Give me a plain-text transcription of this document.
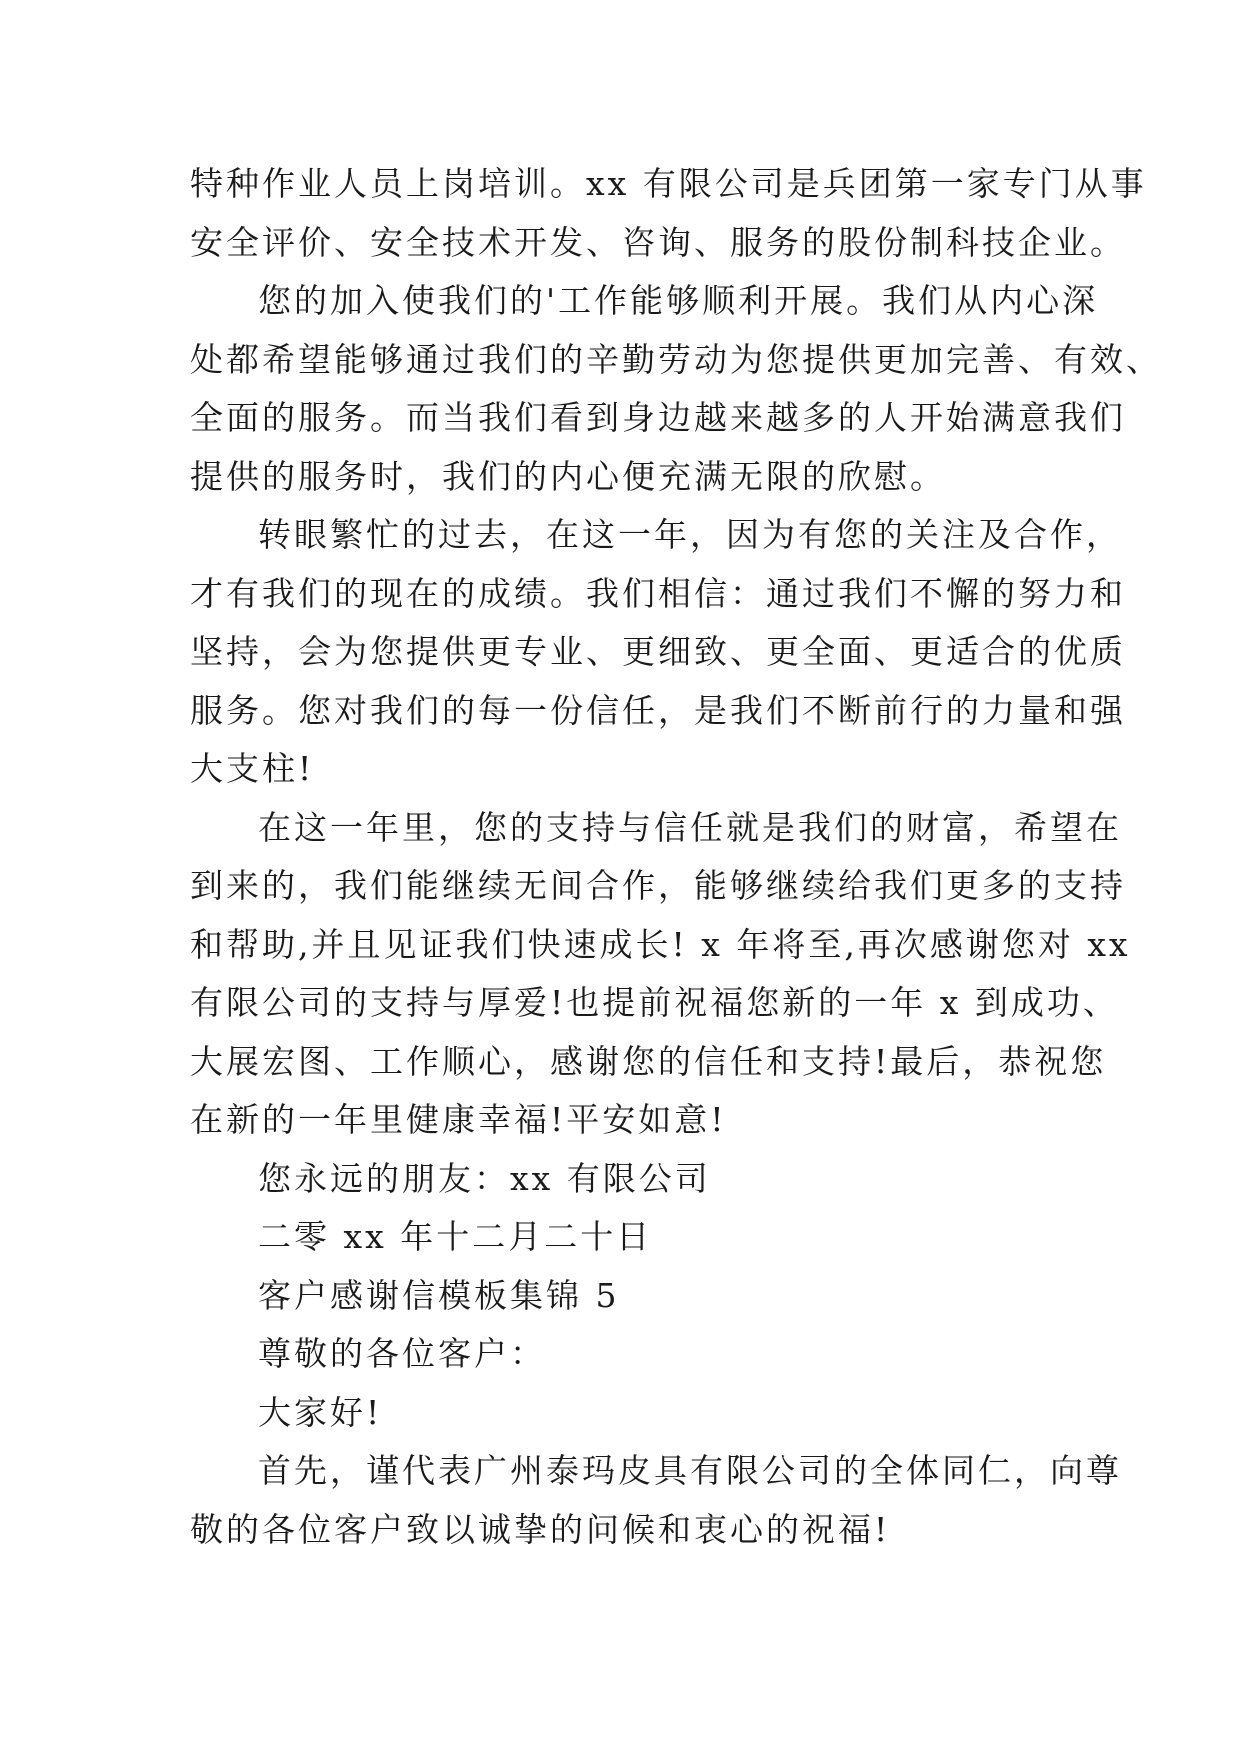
特种作业人员上岗培训。xx 有限公司是兵团第一家专门从事
安全评价、安全技术开发、咨询、服务的股份制科技企业。
您的加入使我们的'工作能够顺利开展。我们从内心深
处都希望能够通过我们的辛勤劳动为您提供更加完善、有效、
全面的服务。而当我们看到身边越来越多的人开始满意我们
提供的服务时，我们的内心便充满无限的欣慰。
转眼繁忙的过去，在这一年，因为有您的关注及合作，
才有我们的现在的成绩。我们相信：通过我们不懈的努力和
坚持，会为您提供更专业、更细致、更全面、更适合的优质
服务。您对我们的每一份信任，是我们不断前行的力量和强
大支柱!
在这一年里，您的支持与信任就是我们的财富，希望在
到来的，我们能继续无间合作，能够继续给我们更多的支持
和帮助,并且见证我们快速成长! x 年将至,再次感谢您对 xx
有限公司的支持与厚爱!也提前祝福您新的一年 x 到成功、
大展宏图、工作顺心，感谢您的信任和支持!最后，恭祝您
在新的一年里健康幸福!平安如意!
您永远的朋友：xx 有限公司
二零 xx 年十二月二十日
客户感谢信模板集锦 5
尊敬的各位客户：
大家好!
首先，谨代表广州泰玛皮具有限公司的全体同仁，向尊
敬的各位客户致以诚挚的问候和衷心的祝福!
